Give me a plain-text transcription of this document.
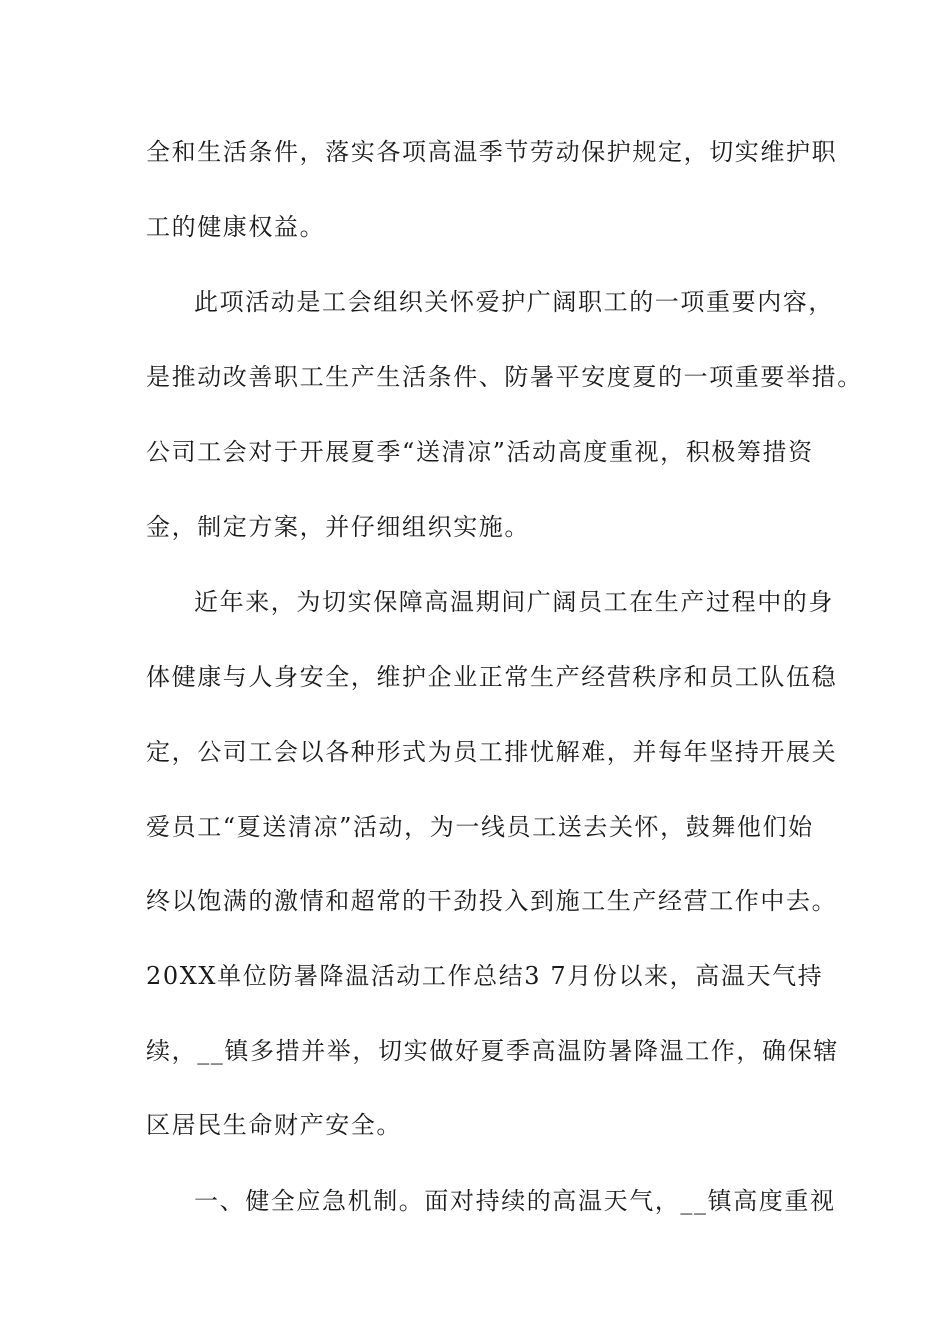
全和生活条件，落实各项高温季节劳动保护规定，切实维护职
工的健康权益。
此项活动是工会组织关怀爱护广阔职工的一项重要内容，
是推动改善职工生产生活条件、防暑平安度夏的一项重要举措。
公司工会对于开展夏季“送清凉”活动高度重视，积极筹措资
金，制定方案，并仔细组织实施。
近年来，为切实保障高温期间广阔员工在生产过程中的身
体健康与人身安全，维护企业正常生产经营秩序和员工队伍稳
定，公司工会以各种形式为员工排忧解难，并每年坚持开展关
爱员工“夏送清凉”活动，为一线员工送去关怀，鼓舞他们始
终以饱满的激情和超常的干劲投入到施工生产经营工作中去。
20XX单位防暑降温活动工作总结3 7月份以来，高温天气持
续，__镇多措并举，切实做好夏季高温防暑降温工作，确保辖
区居民生命财产安全。
一、健全应急机制。面对持续的高温天气，__镇高度重视
